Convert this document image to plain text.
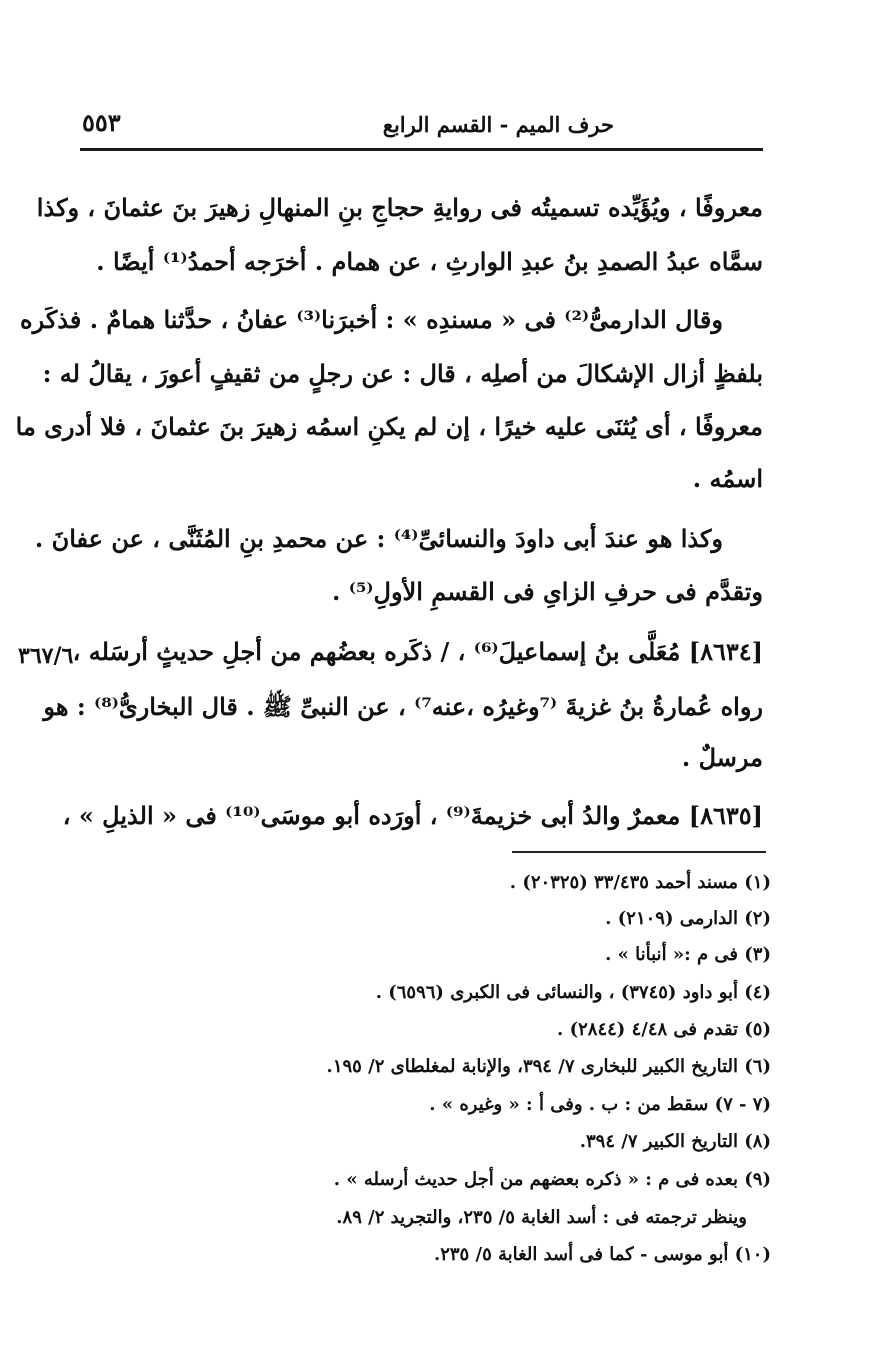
حرف الميم - القسم الرابع
٥٥٣
معروفًا ، ويُؤَيِّده تسميتُه فى روايةِ حجاجِ بنِ المنهالِ زهيرَ بنَ عثمانَ ، وكذا
سمَّاه عبدُ الصمدِ بنُ عبدِ الوارثِ ، عن همام . أخرَجه أحمدُ⁽¹⁾ أيضًا .
وقال الدارمىُّ⁽²⁾ فى « مسندِه » : أخبرَنا⁽³⁾ عفانُ ، حدَّثنا همامٌ . فذكَره
بلفظٍ أزال الإشكالَ من أصلِه ، قال : عن رجلٍ من ثقيفٍ أعورَ ، يقالُ له :
معروفًا ، أى يُثنَى عليه خيرًا ، إن لم يكنِ اسمُه زهيرَ بنَ عثمانَ ، فلا أدرى ما
اسمُه .
وكذا هو عندَ أبى داودَ والنسائىِّ⁽⁴⁾ : عن محمدِ بنِ المُثَنَّى ، عن عفانَ .
وتقدَّم فى حرفِ الزاىِ فى القسمِ الأولِ⁽⁵⁾ .
[٨٦٣٤] مُعَلَّى بنُ إسماعيلَ⁽⁶⁾ ، / ذكَره بعضُهم من أجلِ حديثٍ أرسَله ،
٣٦٧/٦
رواه عُمارةُ بنُ غزيةَ ⁽⁷وغيرُه ،عنه⁷⁾ ، عن النبىِّ ﷺ . قال البخارىُّ⁽⁸⁾ : هو
مرسلٌ .
[٨٦٣٥] معمرٌ والدُ أبى خزيمةَ⁽⁹⁾ ، أورَده أبو موسَى⁽¹⁰⁾ فى « الذيلِ » ،
(١) مسند أحمد ٣٣/٤٣٥ (٢٠٣٢٥) .
(٢) الدارمى (٢١٠٩) .
(٣) فى م :« أنبأنا » .
(٤) أبو داود (٣٧٤٥) ، والنسائى فى الكبرى (٦٥٩٦) .
(٥) تقدم فى ٤/٤٨ (٢٨٤٤) .
(٦) التاريخ الكبير للبخارى ٧/ ٣٩٤، والإنابة لمغلطاى ٢/ ١٩٥.
(٧ - ٧) سقط من : ب . وفى أ : « وغيره » .
(٨) التاريخ الكبير ٧/ ٣٩٤.
(٩) بعده فى م : « ذكره بعضهم من أجل حديث أرسله » .
وينظر ترجمته فى : أسد الغابة ٥/ ٢٣٥، والتجريد ٢/ ٨٩.
(١٠) أبو موسى - كما فى أسد الغابة ٥/ ٢٣٥.
